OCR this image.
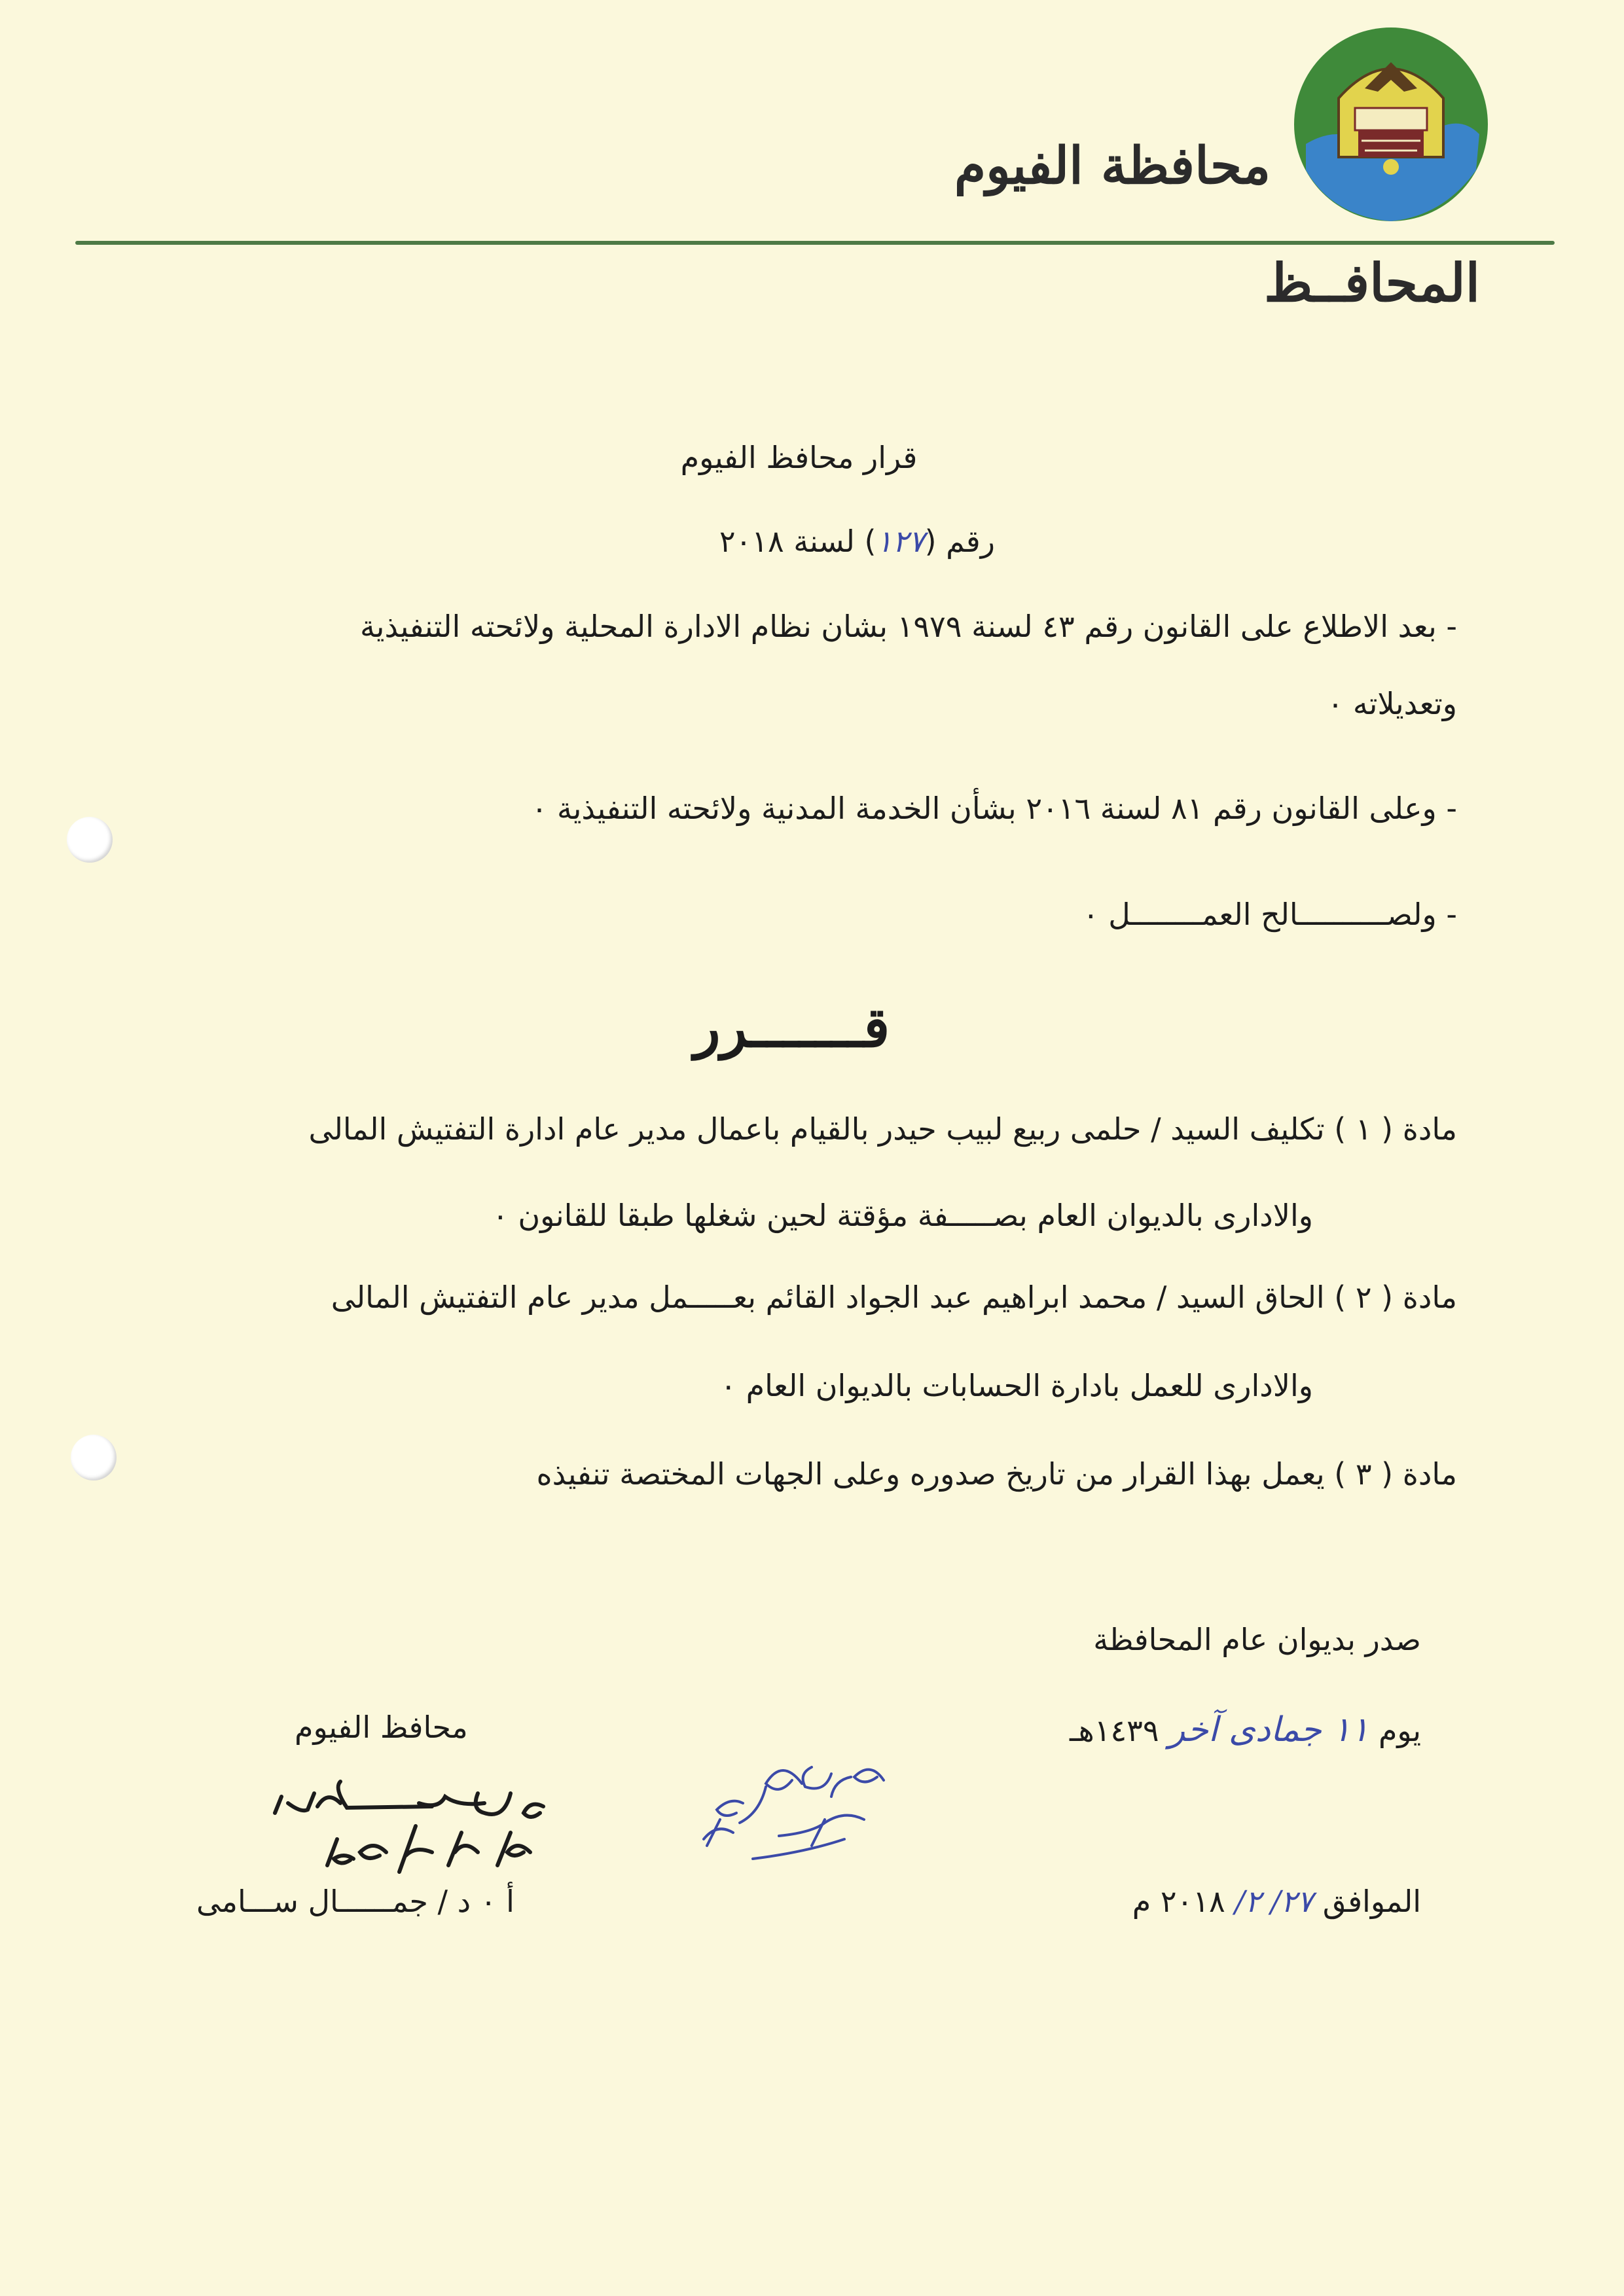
محافظة الفيوم
المحافــظ
قرار محافظ الفيوم
رقم (١٢٧) لسنة ٢٠١٨
- بعد الاطلاع على القانون رقم ٤٣ لسنة ١٩٧٩ بشان نظام الادارة المحلية ولائحته التنفيذية
وتعديلاته ٠
- وعلى القانون رقم ٨١ لسنة ٢٠١٦ بشأن الخدمة المدنية ولائحته التنفيذية ٠
- ولصــــــــــالح العمــــــــل ٠
قـــــــرر
مادة ( ١ ) تكليف السيد / حلمى ربيع لبيب حيدر بالقيام باعمال مدير عام ادارة التفتيش المالى
والادارى بالديوان العام بصـــــفة مؤقتة لحين شغلها طبقا للقانون ٠
مادة ( ٢ ) الحاق السيد / محمد ابراهيم عبد الجواد القائم بعـــــمل مدير عام التفتيش المالى
والادارى للعمل بادارة الحسابات بالديوان العام ٠
مادة ( ٣ ) يعمل بهذا القرار من تاريخ صدوره وعلى الجهات المختصة تنفيذه
صدر بديوان عام المحافظة
يوم ١١ جمادى آخر ١٤٣٩هـ
الموافق ٢٧/ ٢/ ٢٠١٨ م
محافظ الفيوم
أ ٠ د / جمــــــال ســـامى
